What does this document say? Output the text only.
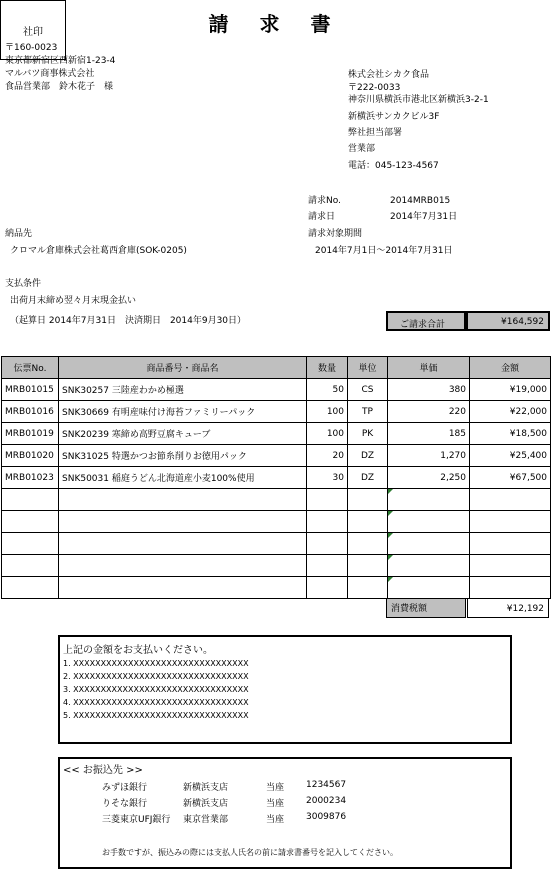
請 求 書
社印
〒160-0023
東京都新宿区西新宿1-23-4
マルバツ商事株式会社
食品営業部　鈴木花子　様
株式会社シカク食品
〒222-0033
神奈川県横浜市港北区新横浜3-2-1
新横浜サンカクビル3F
弊社担当部署
営業部
電話：045-123-4567
請求No.	2014MRB015
請求日	2014年7月31日
請求対象期間
2014年7月1日～2014年7月31日
納品先
クロマル倉庫株式会社葛西倉庫(SOK-0205)
支払条件
出荷月末締め翌々月末現金払い
（起算日 2014年7月31日　決済期日　2014年9月30日）	ご請求合計	¥164,592
伝票No.	商品番号・商品名	数量	単位	単価	金額
MRB01015	SNK30257 三陸産わかめ極選	50	CS	380	¥19,000
MRB01016	SNK30669 有明産味付け海苔ファミリーパック	100	TP	220	¥22,000
MRB01019	SNK20239 寒締め高野豆腐キューブ	100	PK	185	¥18,500
MRB01020	SNK31025 特選かつお節糸削りお徳用パック	20	DZ	1,270	¥25,400
MRB01023	SNK50031 稲庭うどん北海道産小麦100%使用	30	DZ	2,250	¥67,500

消費税額	¥12,192
上記の金額をお支払いください。
1. XXXXXXXXXXXXXXXXXXXXXXXXXXXXXXXX
2. XXXXXXXXXXXXXXXXXXXXXXXXXXXXXXXX
3. XXXXXXXXXXXXXXXXXXXXXXXXXXXXXXXX
4. XXXXXXXXXXXXXXXXXXXXXXXXXXXXXXXX
5. XXXXXXXXXXXXXXXXXXXXXXXXXXXXXXXX
<< お振込先 >>
みずほ銀行	新横浜支店	当座 1234567
りそな銀行	新横浜支店	当座 2000234
三菱東京UFJ銀行 東京営業部	当座 3009876
お手数ですが、振込みの際には支払人氏名の前に請求書番号を記入してください。
